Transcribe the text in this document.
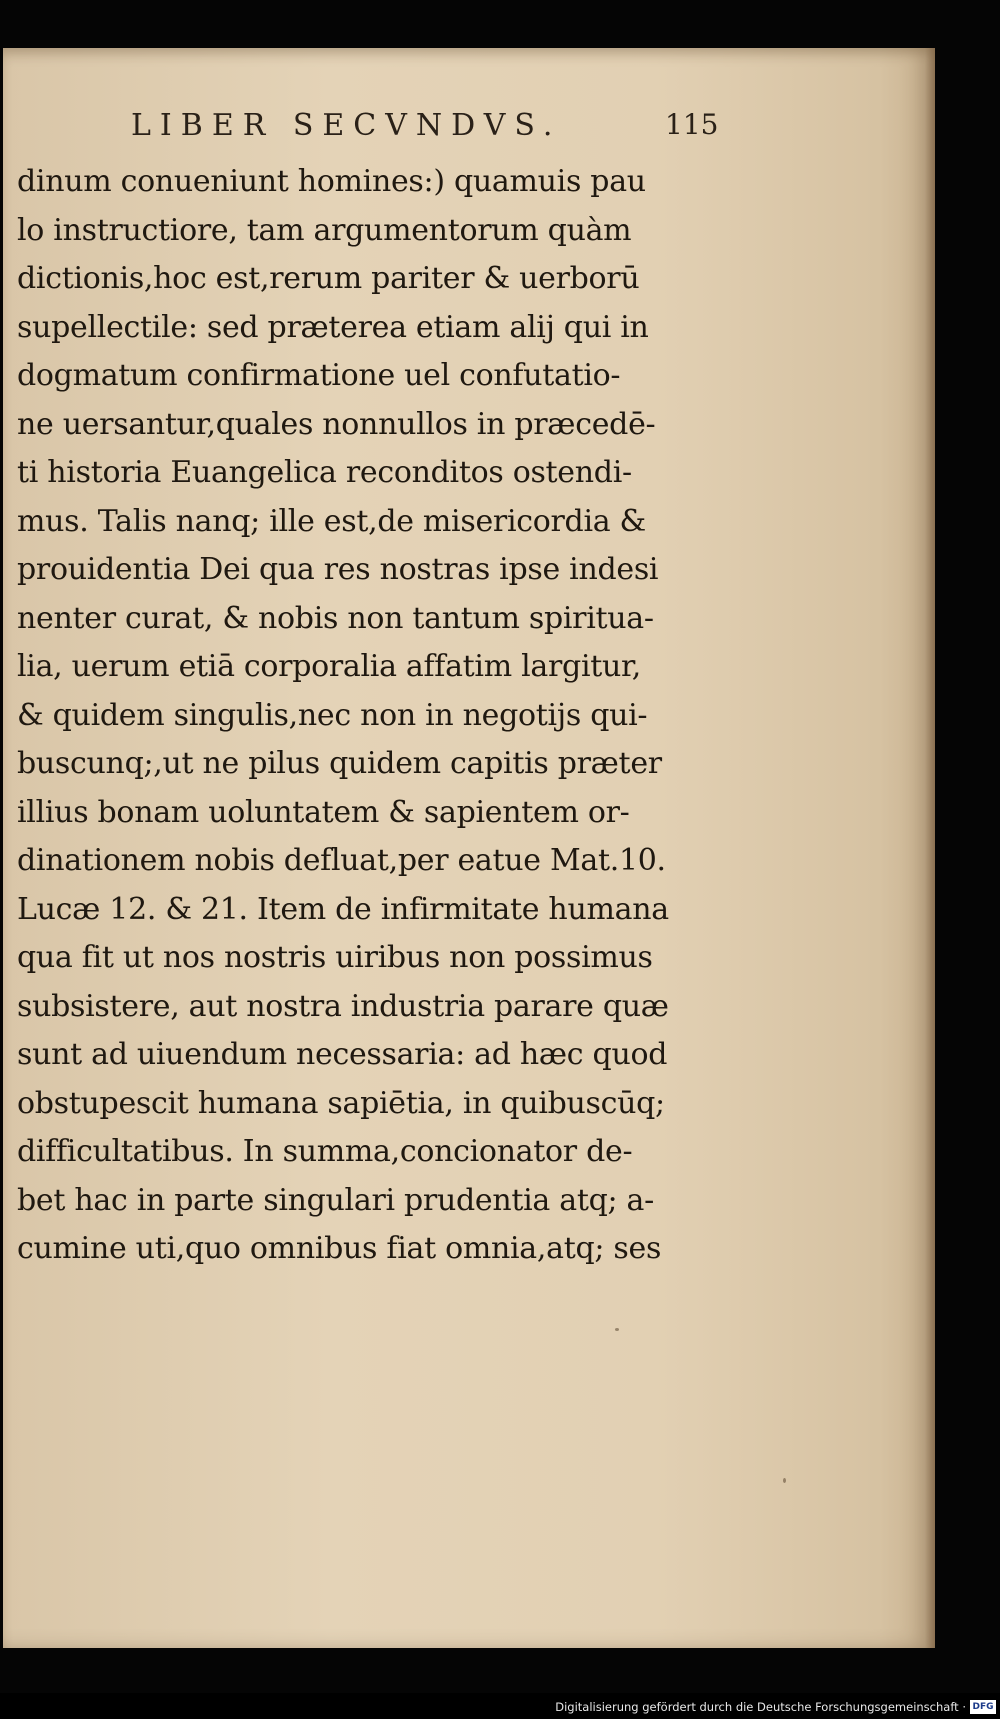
LIBER SECVNDVS.	115
dinum conueniunt homines:) quamuis pau
lo instructiore, tam argumentorum quàm
dictionis,hoc est,rerum pariter & uerborū
supellectile: sed præterea etiam alij qui in
dogmatum confirmatione uel confutatio-
ne uersantur,quales nonnullos in præcedē-
ti historia Euangelica reconditos ostendi-
mus. Talis nanq; ille est,de misericordia &
prouidentia Dei qua res nostras ipse indesi
nenter curat, & nobis non tantum spiritua-
lia, uerum etiā corporalia affatim largitur,
& quidem singulis,nec non in negotijs qui-
buscunq;,ut ne pilus quidem capitis præter
illius bonam uoluntatem & sapientem or-
dinationem nobis defluat,per eatue Mat.10.
Lucæ 12. & 21. Item de infirmitate humana
qua fit ut nos nostris uiribus non possimus
subsistere, aut nostra industria parare quæ
sunt ad uiuendum necessaria: ad hæc quod
obstupescit humana sapiētia, in quibuscūq;
difficultatibus. In summa,concionator de-
bet hac in parte singulari prudentia atq; a-
cumine uti,quo omnibus fiat omnia,atq; ses
Digitalisierung gefördert durch die Deutsche Forschungsgemeinschaft · DFG
